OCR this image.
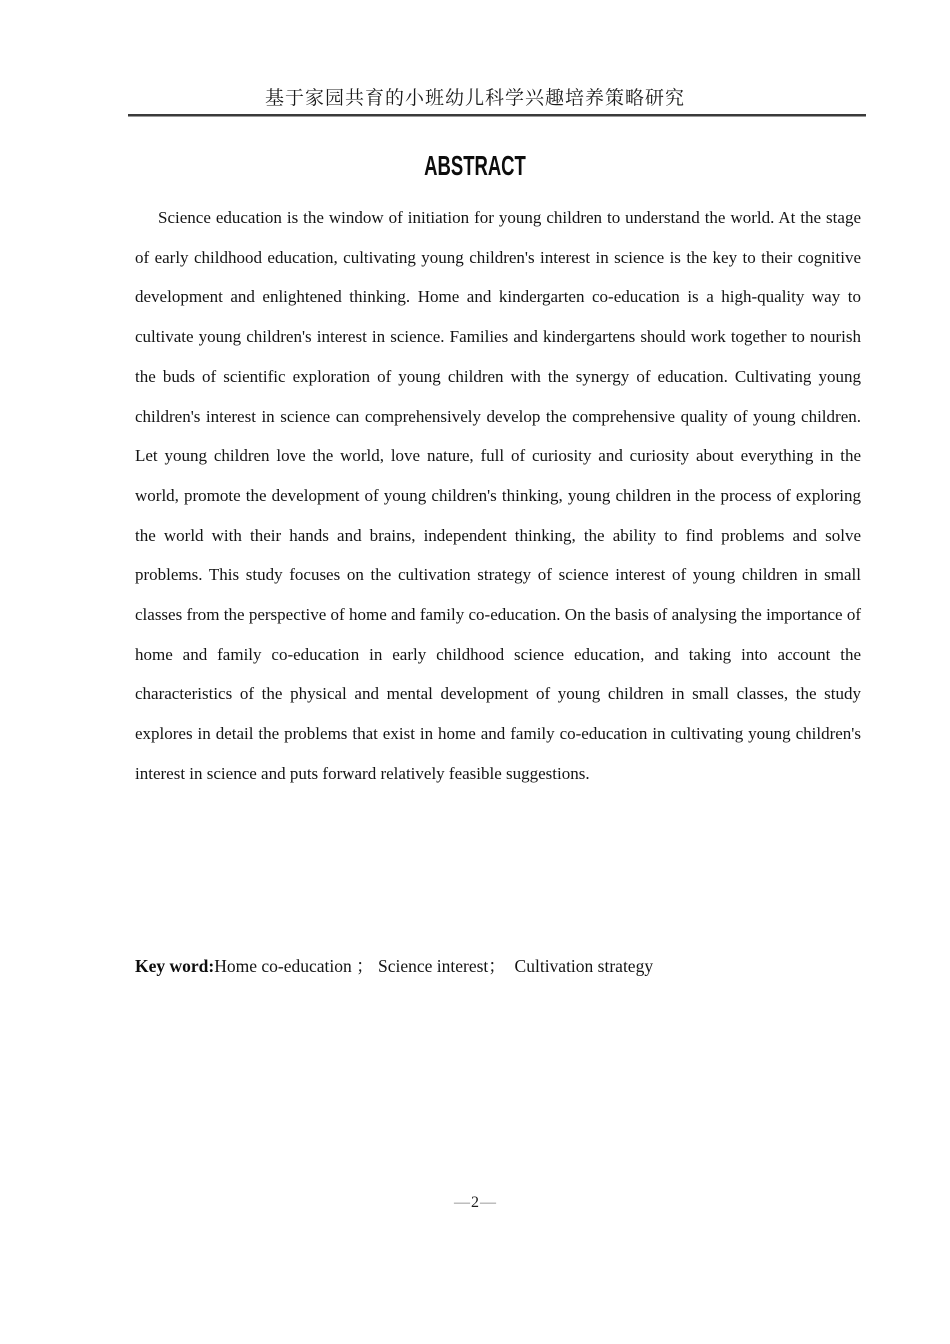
基于家园共育的小班幼儿科学兴趣培养策略研究
ABSTRACT

Science education is the window of initiation for young children to understand the world. At the stage of early childhood education, cultivating young children's interest in science is the key to their cognitive development and enlightened thinking. Home and kindergarten co-education is a high-quality way to cultivate young children's interest in science. Families and kindergartens should work together to nourish the buds of scientific exploration of young children with the synergy of education. Cultivating young children's interest in science can comprehensively develop the comprehensive quality of young children. Let young children love the world, love nature, full of curiosity and curiosity about everything in the world, promote the development of young children's thinking, young children in the process of exploring the world with their hands and brains, independent thinking, the ability to find problems and solve problems. This study focuses on the cultivation strategy of science interest of young children in small classes from the perspective of home and family co-education. On the basis of analysing the importance of home and family co-education in early childhood science education, and taking into account the characteristics of the physical and mental development of young children in small classes, the study explores in detail the problems that exist in home and family co-education in cultivating young children's interest in science and puts forward relatively feasible suggestions.

Key word:Home co-education ； Science interest；  Cultivation strategy

—2—
